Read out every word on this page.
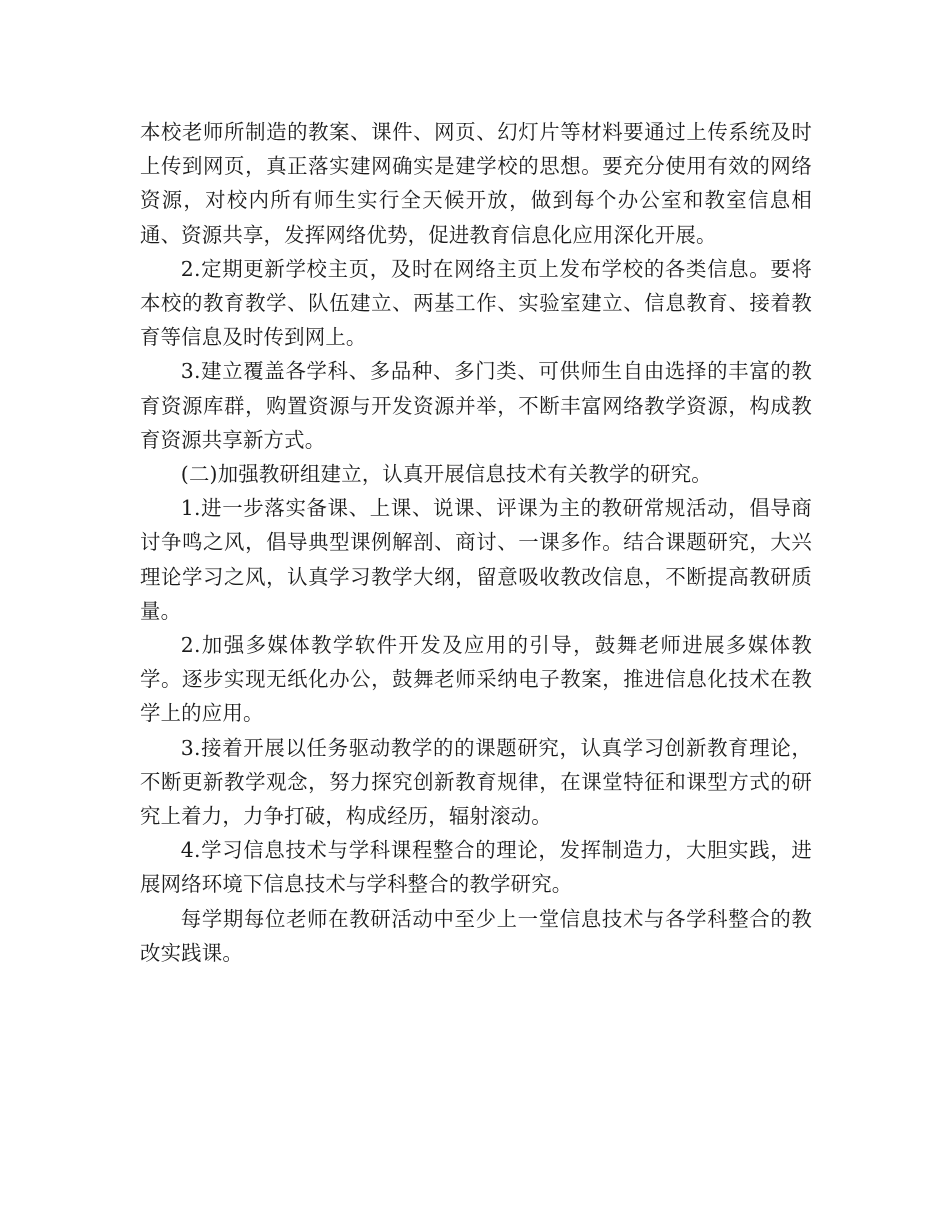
本校老师所制造的教案、课件、网页、幻灯片等材料要通过上传系统及时上传到网页，真正落实建网确实是建学校的思想。要充分使用有效的网络资源，对校内所有师生实行全天候开放，做到每个办公室和教室信息相通、资源共享，发挥网络优势，促进教育信息化应用深化开展。

2.定期更新学校主页，及时在网络主页上发布学校的各类信息。要将本校的教育教学、队伍建立、两基工作、实验室建立、信息教育、接着教育等信息及时传到网上。

3.建立覆盖各学科、多品种、多门类、可供师生自由选择的丰富的教育资源库群，购置资源与开发资源并举，不断丰富网络教学资源，构成教育资源共享新方式。

(二)加强教研组建立，认真开展信息技术有关教学的研究。

1.进一步落实备课、上课、说课、评课为主的教研常规活动，倡导商讨争鸣之风，倡导典型课例解剖、商讨、一课多作。结合课题研究，大兴理论学习之风，认真学习教学大纲，留意吸收教改信息，不断提高教研质量。

2.加强多媒体教学软件开发及应用的引导，鼓舞老师进展多媒体教学。逐步实现无纸化办公，鼓舞老师采纳电子教案，推进信息化技术在教学上的应用。

3.接着开展以任务驱动教学的的课题研究，认真学习创新教育理论，不断更新教学观念，努力探究创新教育规律，在课堂特征和课型方式的研究上着力，力争打破，构成经历，辐射滚动。

4.学习信息技术与学科课程整合的理论，发挥制造力，大胆实践，进展网络环境下信息技术与学科整合的教学研究。

每学期每位老师在教研活动中至少上一堂信息技术与各学科整合的教改实践课。
